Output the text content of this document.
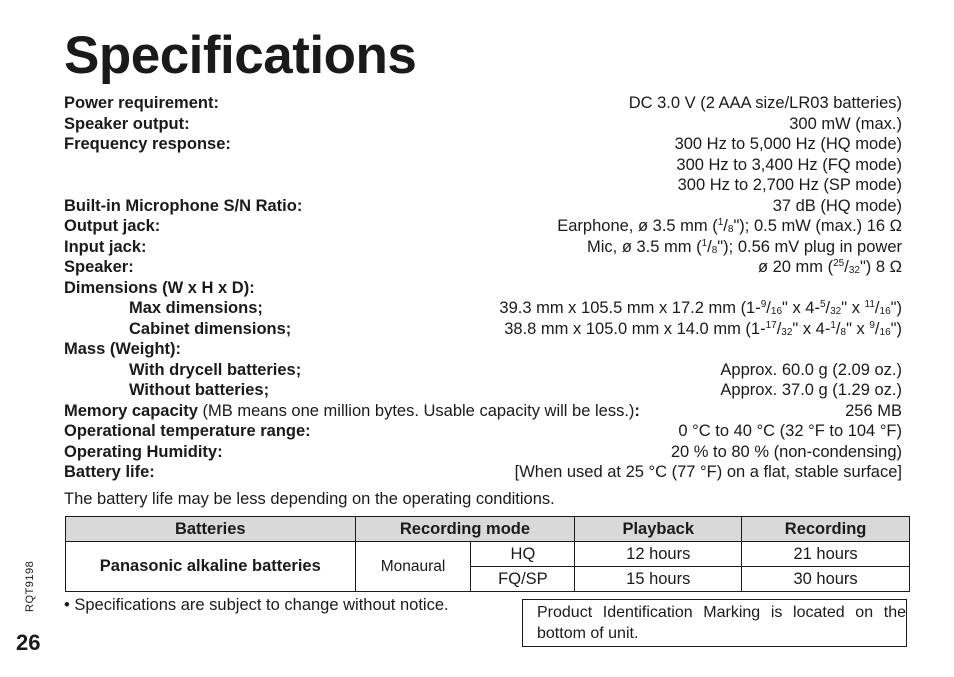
Specifications
Power requirement:	DC 3.0 V (2 AAA size/LR03 batteries)
Speaker output:	300 mW (max.)
Frequency response:	300 Hz to 5,000 Hz (HQ mode)
300 Hz to 3,400 Hz (FQ mode)
300 Hz to 2,700 Hz (SP mode)
Built-in Microphone S/N Ratio:	37 dB (HQ mode)
Output jack:	Earphone, ø 3.5 mm $(^1/_8")$; 0.5 mW (max.) 16 Ω
Input jack:	Mic, ø 3.5 mm $(^1/_8")$; 0.56 mV plug in power
Speaker:	ø 20 mm $(^{25}/_{32}")$ 8 Ω
Dimensions (W x H x D):
Max dimensions;	39.3 mm x 105.5 mm x 17.2 mm ($1-^9/_{16}$" x $4-^5/_{32}$" x $^{11}/_{16}$")
Cabinet dimensions;	38.8 mm x 105.0 mm x 14.0 mm ($1-^{17}/_{32}$" x $4-^1/_8$" x $^9/_{16}$")
Mass (Weight):
With drycell batteries;	Approx. 60.0 g (2.09 oz.)
Without batteries;	Approx. 37.0 g (1.29 oz.)
Memory capacity (MB means one million bytes. Usable capacity will be less.):	256 MB
Operational temperature range:	0 °C to 40 °C (32 °F to 104 °F)
Operating Humidity:	20 % to 80 % (non-condensing)
Battery life:	[When used at 25 °C (77 °F) on a flat, stable surface]
The battery life may be less depending on the operating conditions.
Batteries	Recording mode		Playback	Recording
Panasonic alkaline batteries	Monaural	HQ	12 hours	21 hours
		FQ/SP	15 hours	30 hours
RQT9198
26
• Specifications are subject to change without notice.	Product Identification Marking is located on the bottom of unit.
